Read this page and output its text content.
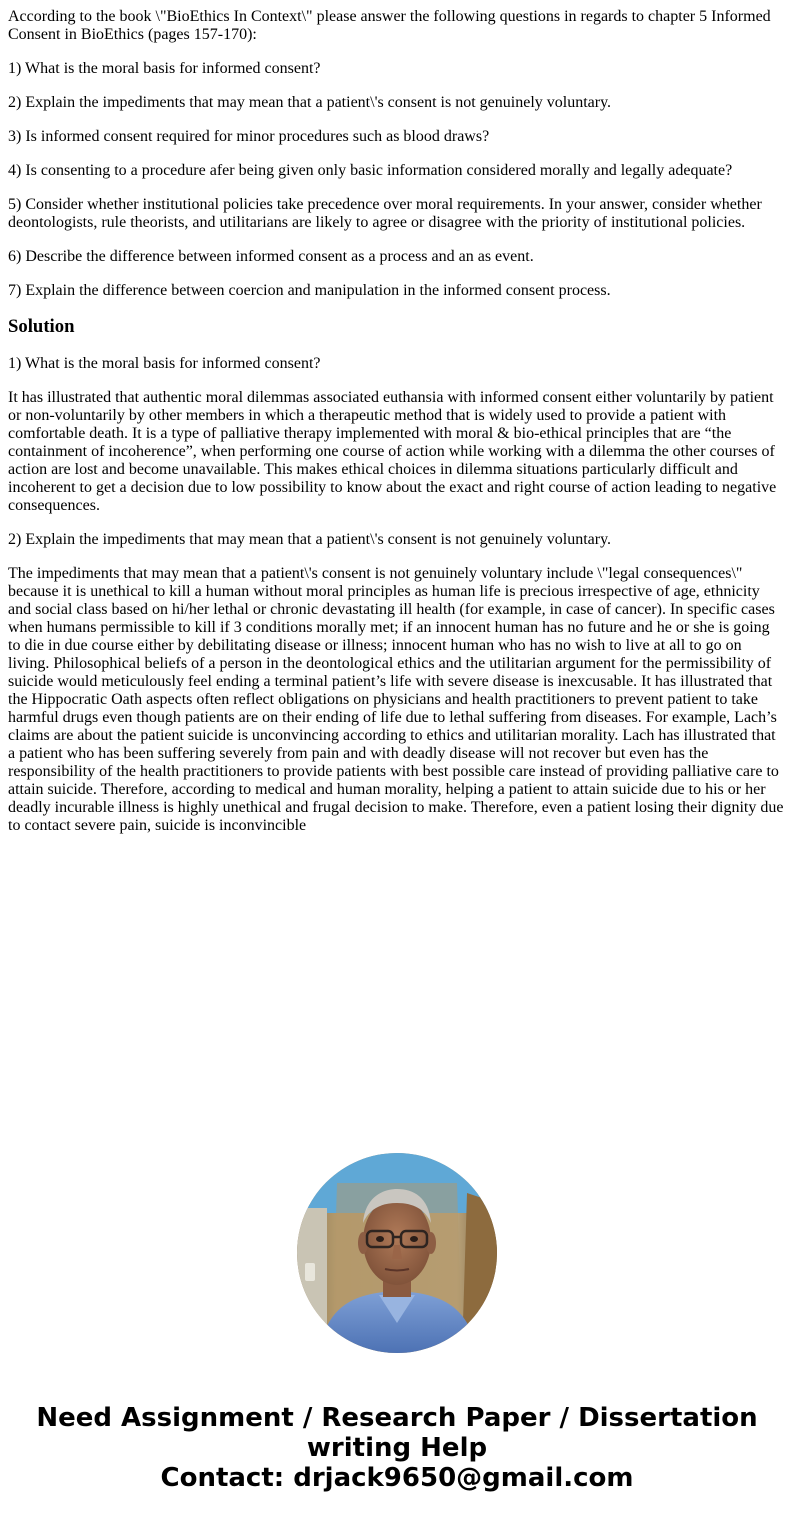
According to the book \"BioEthics In Context\" please answer the following questions in regards to chapter 5 Informed Consent in BioEthics (pages 157-170):

1) What is the moral basis for informed consent?

2) Explain the impediments that may mean that a patient\'s consent is not genuinely voluntary.

3) Is informed consent required for minor procedures such as blood draws?

4) Is consenting to a procedure afer being given only basic information considered morally and legally adequate?

5) Consider whether institutional policies take precedence over moral requirements. In your answer, consider whether deontologists, rule theorists, and utilitarians are likely to agree or disagree with the priority of institutional policies.

6) Describe the difference between informed consent as a process and an as event.

7) Explain the difference between coercion and manipulation in the informed consent process.

Solution

1) What is the moral basis for informed consent?

It has illustrated that authentic moral dilemmas associated euthansia with informed consent either voluntarily by patient or non-voluntarily by other members in which a therapeutic method that is widely used to provide a patient with comfortable death. It is a type of palliative therapy implemented with moral & bio-ethical principles that are “the containment of incoherence”, when performing one course of action while working with a dilemma the other courses of action are lost and become unavailable. This makes ethical choices in dilemma situations particularly difficult and incoherent to get a decision due to low possibility to know about the exact and right course of action leading to negative consequences.

2) Explain the impediments that may mean that a patient\'s consent is not genuinely voluntary.

The impediments that may mean that a patient\'s consent is not genuinely voluntary include \"legal consequences\" because it is unethical to kill a human without moral principles as human life is precious irrespective of age, ethnicity and social class based on hi/her lethal or chronic devastating ill health (for example, in case of cancer). In specific cases when humans permissible to kill if 3 conditions morally met; if an innocent human has no future and he or she is going to die in due course either by debilitating disease or illness; innocent human who has no wish to live at all to go on living. Philosophical beliefs of a person in the deontological ethics and the utilitarian argument for the permissibility of suicide would meticulously feel ending a terminal patient’s life with severe disease is inexcusable. It has illustrated that the Hippocratic Oath aspects often reflect obligations on physicians and health practitioners to prevent patient to take harmful drugs even though patients are on their ending of life due to lethal suffering from diseases. For example, Lach’s claims are about the patient suicide is unconvincing according to ethics and utilitarian morality. Lach has illustrated that a patient who has been suffering severely from pain and with deadly disease will not recover but even has the responsibility of the health practitioners to provide patients with best possible care instead of providing palliative care to attain suicide. Therefore, according to medical and human morality, helping a patient to attain suicide due to his or her deadly incurable illness is highly unethical and frugal decision to make. Therefore, even a patient losing their dignity due to contact severe pain, suicide is inconvincible

Need Assignment / Research Paper / Dissertation
writing Help
Contact: drjack9650@gmail.com
